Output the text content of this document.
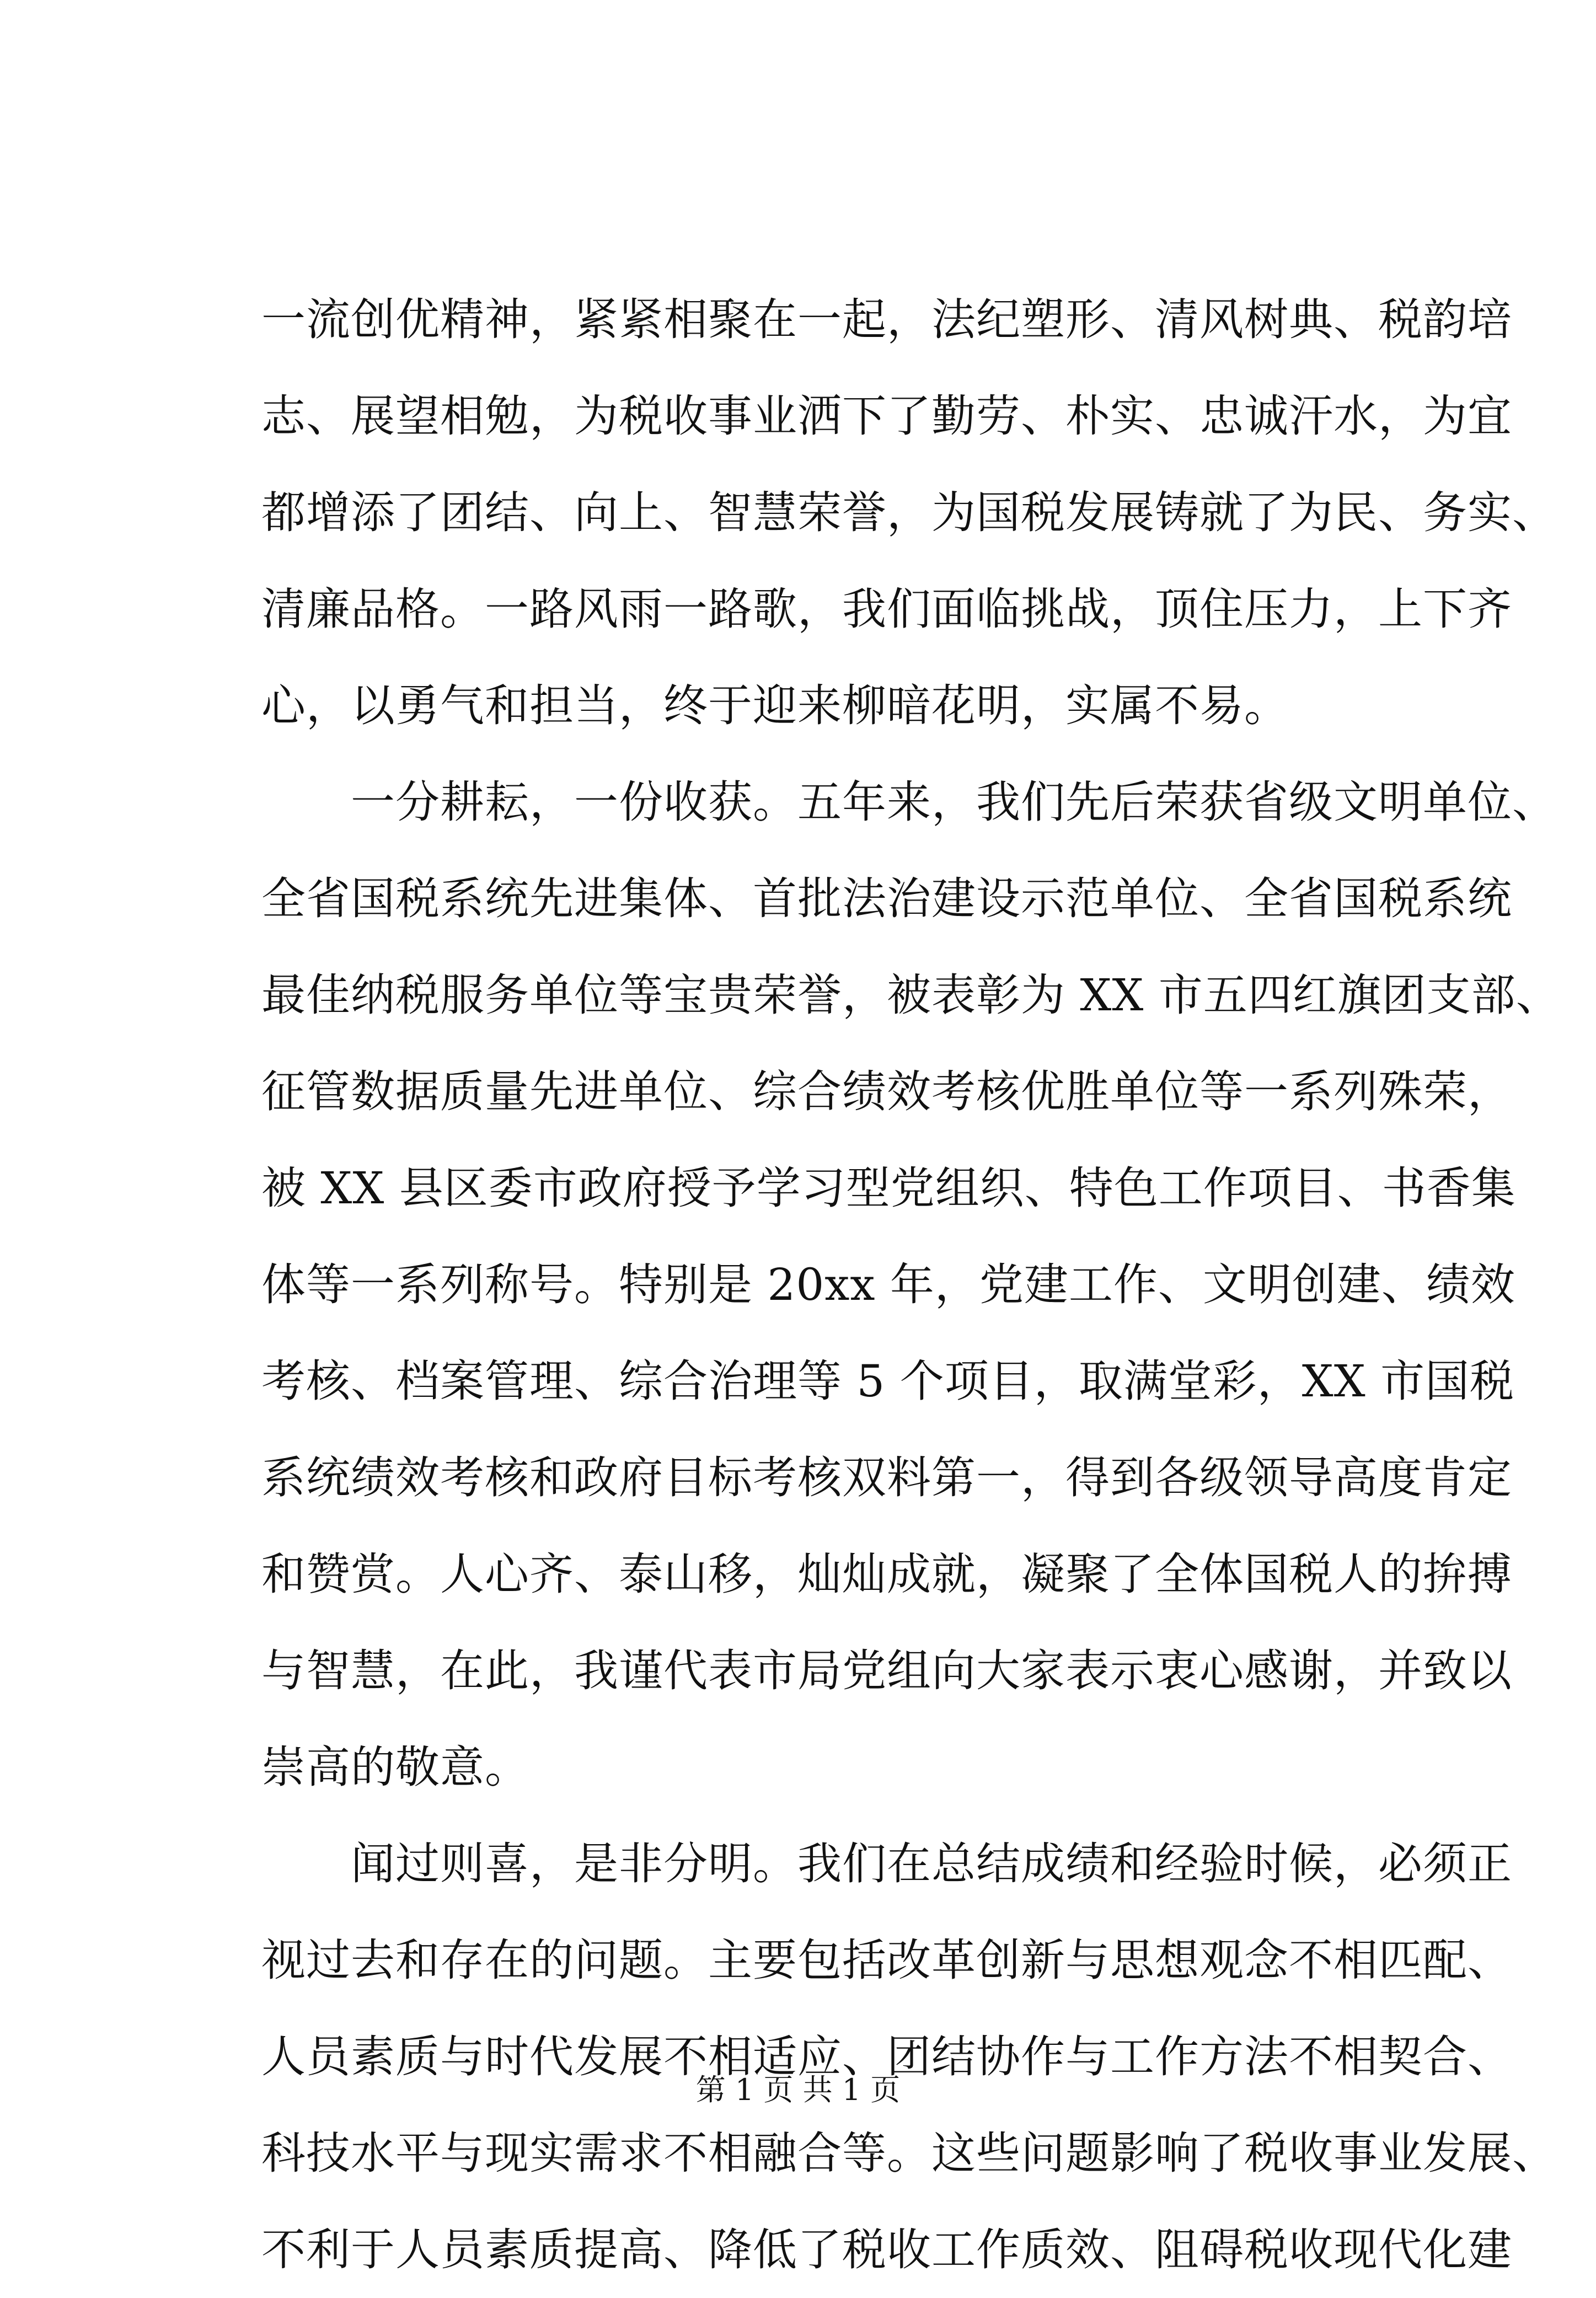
一流创优精神，紧紧相聚在一起，法纪塑形、清风树典、税韵培
志、展望相勉，为税收事业洒下了勤劳、朴实、忠诚汗水，为宜
都增添了团结、向上、智慧荣誉，为国税发展铸就了为民、务实、
清廉品格。一路风雨一路歌，我们面临挑战，顶住压力，上下齐
心，以勇气和担当，终于迎来柳暗花明，实属不易。
　　一分耕耘，一份收获。五年来，我们先后荣获省级文明单位、
全省国税系统先进集体、首批法治建设示范单位、全省国税系统
最佳纳税服务单位等宝贵荣誉，被表彰为 XX 市五四红旗团支部、
征管数据质量先进单位、综合绩效考核优胜单位等一系列殊荣，
被 XX 县区委市政府授予学习型党组织、特色工作项目、书香集
体等一系列称号。特别是 20xx 年，党建工作、文明创建、绩效
考核、档案管理、综合治理等 5 个项目，取满堂彩，XX 市国税
系统绩效考核和政府目标考核双料第一，得到各级领导高度肯定
和赞赏。人心齐、泰山移，灿灿成就，凝聚了全体国税人的拚搏
与智慧，在此，我谨代表市局党组向大家表示衷心感谢，并致以
崇高的敬意。
　　闻过则喜，是非分明。我们在总结成绩和经验时候，必须正
视过去和存在的问题。主要包括改革创新与思想观念不相匹配、
人员素质与时代发展不相适应、团结协作与工作方法不相契合、
科技水平与现实需求不相融合等。这些问题影响了税收事业发展、
不利于人员素质提高、降低了税收工作质效、阻碍税收现代化建
第 1 页 共 1 页
